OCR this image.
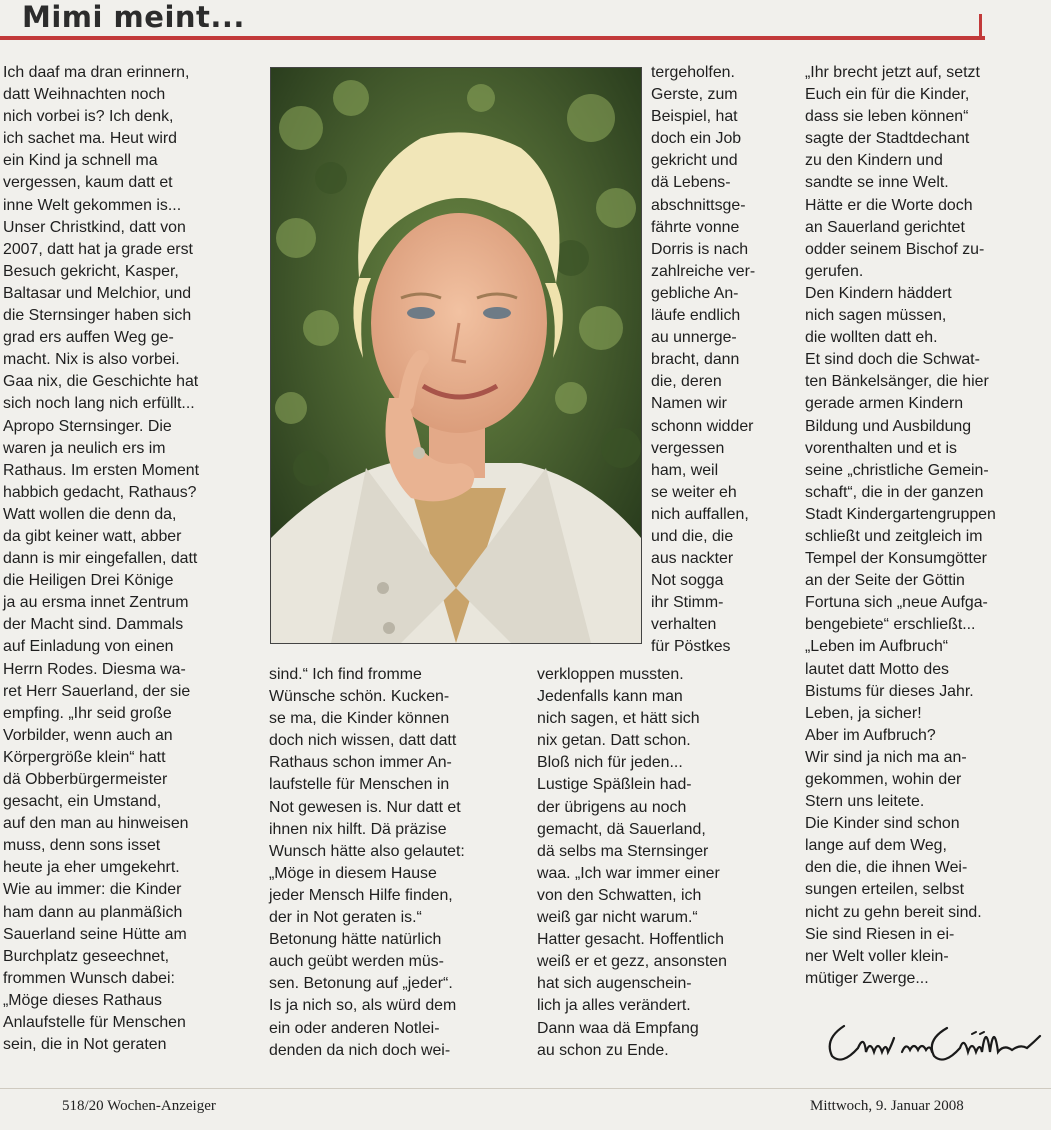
Mimi meint...
Ich daaf ma dran erinnern,
datt Weihnachten noch
nich vorbei is? Ich denk,
ich sachet ma. Heut wird
ein Kind ja schnell ma
vergessen, kaum datt et
inne Welt gekommen is...
Unser Christkind, datt von
2007, datt hat ja grade erst
Besuch gekricht, Kasper,
Baltasar und Melchior, und
die Sternsinger haben sich
grad ers auffen Weg ge-
macht. Nix is also vorbei.
Gaa nix, die Geschichte hat
sich noch lang nich erfüllt...
Apropo Sternsinger. Die
waren ja neulich ers im
Rathaus. Im ersten Moment
habbich gedacht, Rathaus?
Watt wollen die denn da,
da gibt keiner watt, abber
dann is mir eingefallen, datt
die Heiligen Drei Könige
ja au ersma innet Zentrum
der Macht sind. Dammals
auf Einladung von einen
Herrn Rodes. Diesma wa-
ret Herr Sauerland, der sie
empfing. „Ihr seid große
Vorbilder, wenn auch an
Körpergröße klein“ hatt
dä Obberbürgermeister
gesacht, ein Umstand,
auf den man au hinweisen
muss, denn sons isset
heute ja eher umgekehrt.
Wie au immer: die Kinder
ham dann au planmäßich
Sauerland seine Hütte am
Burchplatz geseechnet,
frommen Wunsch dabei:
„Möge dieses Rathaus
Anlaufstelle für Menschen
sein, die in Not geraten
sind.“ Ich find fromme
Wünsche schön. Kucken-
se ma, die Kinder können
doch nich wissen, datt datt
Rathaus schon immer An-
laufstelle für Menschen in
Not gewesen is. Nur datt et
ihnen nix hilft. Dä präzise
Wunsch hätte also gelautet:
„Möge in diesem Hause
jeder Mensch Hilfe finden,
der in Not geraten is.“
Betonung hätte natürlich
auch geübt werden müs-
sen. Betonung auf „jeder“.
Is ja nich so, als würd dem
ein oder anderen Notlei-
denden da nich doch wei-
tergeholfen.
Gerste, zum
Beispiel, hat
doch ein Job
gekricht und
dä Lebens-
abschnittsge-
fährte vonne
Dorris is nach
zahlreiche ver-
gebliche An-
läufe endlich
au unnerge-
bracht, dann
die, deren
Namen wir
schonn widder
vergessen
ham, weil
se weiter eh
nich auffallen,
und die, die
aus nackter
Not sogga
ihr Stimm-
verhalten
für Pöstkes
verkloppen mussten.
Jedenfalls kann man
nich sagen, et hätt sich
nix getan. Datt schon.
Bloß nich für jeden...
Lustige Späßlein had-
der übrigens au noch
gemacht, dä Sauerland,
dä selbs ma Sternsinger
waa. „Ich war immer einer
von den Schwatten, ich
weiß gar nicht warum.“
Hatter gesacht. Hoffentlich
weiß er et gezz, ansonsten
hat sich augenschein-
lich ja alles verändert.
Dann waa dä Empfang
au schon zu Ende.
„Ihr brecht jetzt auf, setzt
Euch ein für die Kinder,
dass sie leben können“
sagte der Stadtdechant
zu den Kindern und
sandte se inne Welt.
Hätte er die Worte doch
an Sauerland gerichtet
odder seinem Bischof zu-
gerufen.
Den Kindern häddert
nich sagen müssen,
die wollten datt eh.
Et sind doch die Schwat-
ten Bänkelsänger, die hier
gerade armen Kindern
Bildung und Ausbildung
vorenthalten und et is
seine „christliche Gemein-
schaft“, die in der ganzen
Stadt Kindergartengruppen
schließt und zeitgleich im
Tempel der Konsumgötter
an der Seite der Göttin
Fortuna sich „neue Aufga-
bengebiete“ erschließt...
„Leben im Aufbruch“
lautet datt Motto des
Bistums für dieses Jahr.
Leben, ja sicher!
Aber im Aufbruch?
Wir sind ja nich ma an-
gekommen, wohin der
Stern uns leitete.
Die Kinder sind schon
lange auf dem Weg,
den die, die ihnen Wei-
sungen erteilen, selbst
nicht zu gehn bereit sind.
Sie sind Riesen in ei-
ner Welt voller klein-
mütiger Zwerge...
518/20 Wochen-Anzeiger	Mittwoch, 9. Januar 2008
